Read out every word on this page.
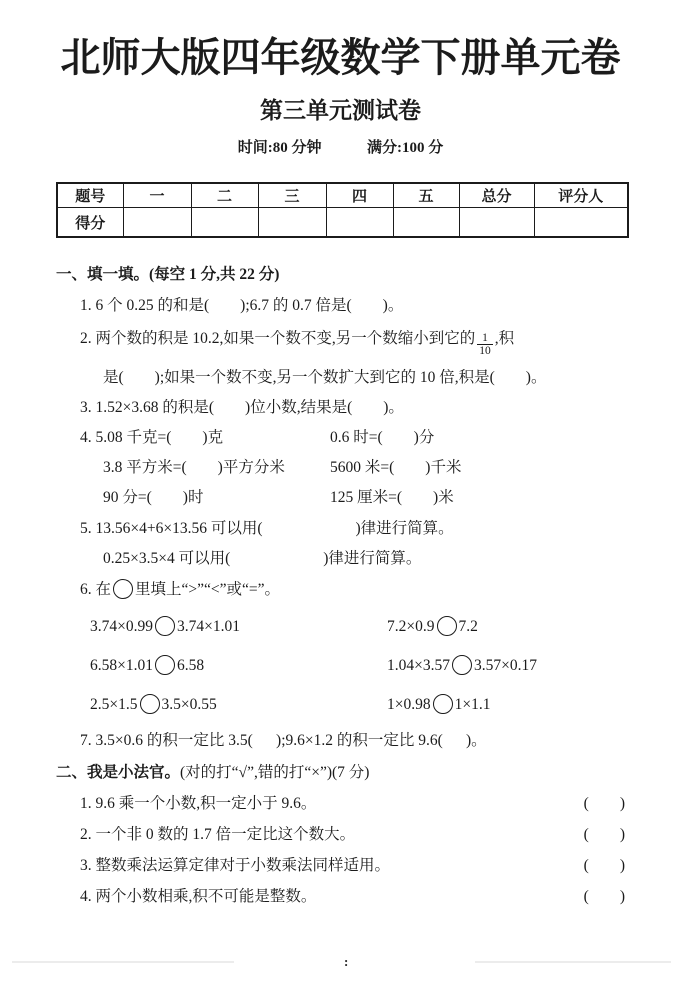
北师大版四年级数学下册单元卷
第三单元测试卷
时间:80 分钟	满分:100 分
题号	一	二	三	四	五	总分	评分人
得分							
一、填一填。(每空 1 分,共 22 分)
1. 6 个 0.25 的和是(        );6.7 的 0.7 倍是(        )。
2. 两个数的积是 10.2,如果一个数不变,另一个数缩小到它的 $\frac{1}{10}$ ,积
是(        );如果一个数不变,另一个数扩大到它的 10 倍,积是(        )。
3. 1.52×3.68 的积是(        )位小数,结果是(        )。
4. 5.08 千克=(        )克	0.6 时=(        )分
3.8 平方米=(        )平方分米	5600 米=(        )千米
90 分=(        )时	125 厘米=(        )米
5. 13.56×4+6×13.56 可以用(                        )律进行简算。
0.25×3.5×4 可以用(                        )律进行简算。
6. 在 里填上“>”“<”或“=”。
3.74×0.99 3.74×1.01	7.2×0.9 7.2
6.58×1.01 6.58	1.04×3.57 3.57×0.17
2.5×1.5 3.5×0.55	1×0.98 1×1.1
7. 3.5×0.6 的积一定比 3.5(      );9.6×1.2 的积一定比 9.6(      )。
二、我是小法官。(对的打“√”,错的打“×”)(7 分)
1. 9.6 乘一个小数,积一定小于 9.6。	(        )
2. 一个非 0 数的 1.7 倍一定比这个数大。	(        )
3. 整数乘法运算定律对于小数乘法同样适用。	(        )
4. 两个小数相乘,积不可能是整数。	(        )
:
